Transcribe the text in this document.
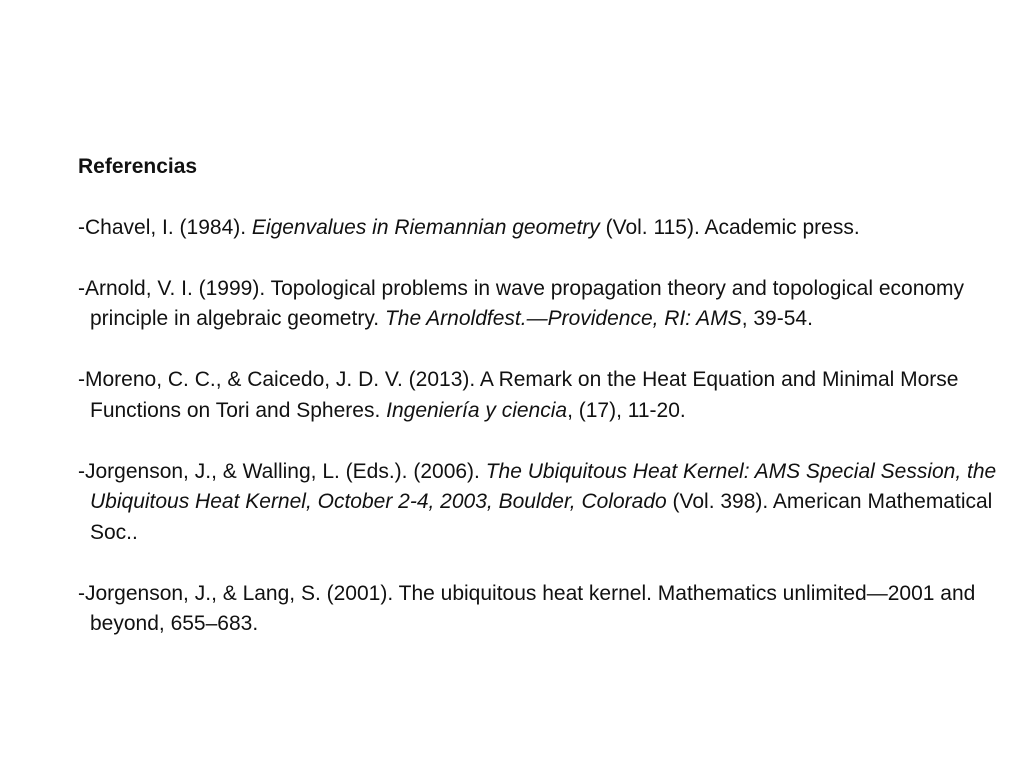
Referencias
-Chavel, I. (1984). Eigenvalues in Riemannian geometry (Vol. 115). Academic press.
-Arnold, V. I. (1999). Topological problems in wave propagation theory and topological economy principle in algebraic geometry. The Arnoldfest.—Providence, RI: AMS, 39-54.
-Moreno, C. C., & Caicedo, J. D. V. (2013). A Remark on the Heat Equation and Minimal Morse Functions on Tori and Spheres. Ingeniería y ciencia, (17), 11-20.
-Jorgenson, J., & Walling, L. (Eds.). (2006). The Ubiquitous Heat Kernel: AMS Special Session, the Ubiquitous Heat Kernel, October 2-4, 2003, Boulder, Colorado (Vol. 398). American Mathematical Soc..
-Jorgenson, J., & Lang, S. (2001). The ubiquitous heat kernel. Mathematics unlimited—2001 and beyond, 655–683.
